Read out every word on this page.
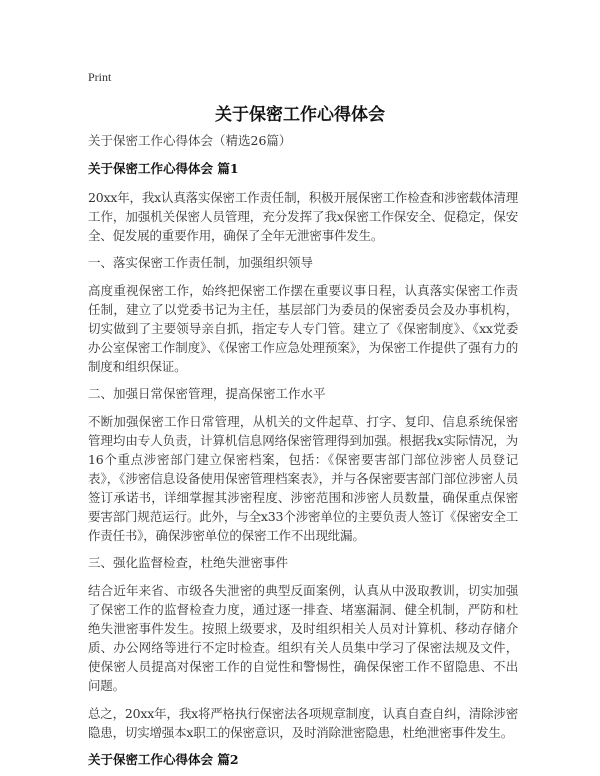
Print
关于保密工作心得体会

关于保密工作心得体会（精选26篇）

关于保密工作心得体会 篇1

20xx年，我x认真落实保密工作责任制，积极开展保密工作检查和涉密载体清理工作，加强机关保密人员管理，充分发挥了我x保密工作保安全、促稳定，保安全、促发展的重要作用，确保了全年无泄密事件发生。

一、落实保密工作责任制，加强组织领导

高度重视保密工作，始终把保密工作摆在重要议事日程，认真落实保密工作责任制，建立了以党委书记为主任，基层部门为委员的保密委员会及办事机构，切实做到了主要领导亲自抓，指定专人专门管。建立了《保密制度》、《xx党委办公室保密工作制度》、《保密工作应急处理预案》，为保密工作提供了强有力的制度和组织保证。

二、加强日常保密管理，提高保密工作水平

不断加强保密工作日常管理，从机关的文件起草、打字、复印、信息系统保密管理均由专人负责，计算机信息网络保密管理得到加强。根据我x实际情况，为16个重点涉密部门建立保密档案，包括：《保密要害部门部位涉密人员登记表》，《涉密信息设备使用保密管理档案表》，并与各保密要害部门部位涉密人员签订承诺书，详细掌握其涉密程度、涉密范围和涉密人员数量，确保重点保密要害部门规范运行。此外，与全x33个涉密单位的主要负责人签订《保密安全工作责任书》，确保涉密单位的保密工作不出现纰漏。

三、强化监督检查，杜绝失泄密事件

结合近年来省、市级各失泄密的典型反面案例，认真从中汲取教训，切实加强了保密工作的监督检查力度，通过逐一排查、堵塞漏洞、健全机制，严防和杜绝失泄密事件发生。按照上级要求，及时组织相关人员对计算机、移动存储介质、办公网络等进行不定时检查。组织有关人员集中学习了保密法规及文件，使保密人员提高对保密工作的自觉性和警惕性，确保保密工作不留隐患、不出问题。

总之，20xx年，我x将严格执行保密法各项规章制度，认真自查自纠，清除涉密隐患，切实增强本x职工的保密意识，及时消除泄密隐患，杜绝泄密事件发生。

关于保密工作心得体会 篇2
